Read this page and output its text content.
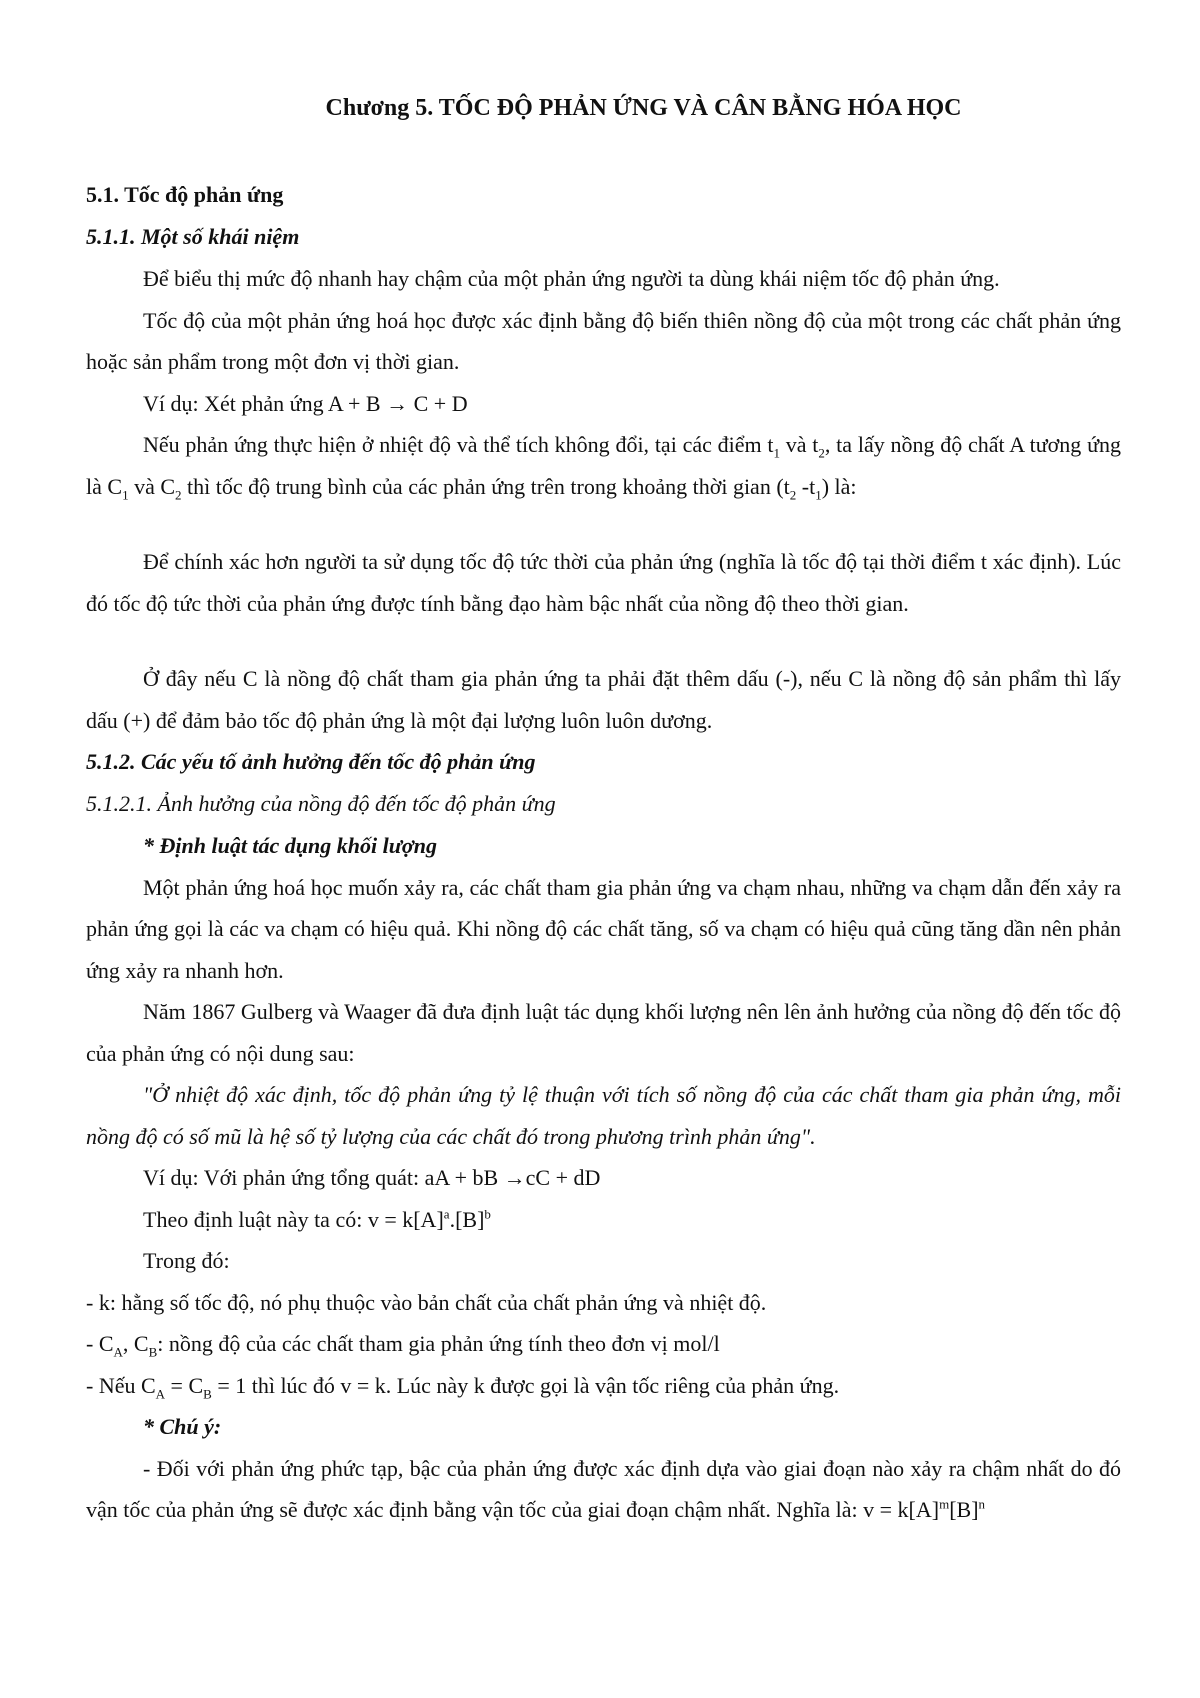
Chương 5. TỐC ĐỘ PHẢN ỨNG VÀ CÂN BẰNG HÓA HỌC

5.1. Tốc độ phản ứng

5.1.1. Một số khái niệm

Để biểu thị mức độ nhanh hay chậm của một phản ứng người ta dùng khái niệm tốc độ phản ứng.

Tốc độ của một phản ứng hoá học được xác định bằng độ biến thiên nồng độ của một trong các chất phản ứng hoặc sản phẩm trong một đơn vị thời gian.

Ví dụ: Xét phản ứng A + B → C + D

Nếu phản ứng thực hiện ở nhiệt độ và thể tích không đổi, tại các điểm $t_1$ và $t_2$, ta lấy nồng độ chất A tương ứng là $C_1$ và $C_2$ thì tốc độ trung bình của các phản ứng trên trong khoảng thời gian ($t_2$ $-t_1$) là:

Để chính xác hơn người ta sử dụng tốc độ tức thời của phản ứng (nghĩa là tốc độ tại thời điểm t xác định). Lúc đó tốc độ tức thời của phản ứng được tính bằng đạo hàm bậc nhất của nồng độ theo thời gian.

Ở đây nếu C là nồng độ chất tham gia phản ứng ta phải đặt thêm dấu (-), nếu C là nồng độ sản phẩm thì lấy dấu (+) để đảm bảo tốc độ phản ứng là một đại lượng luôn luôn dương.

5.1.2. Các yếu tố ảnh hưởng đến tốc độ phản ứng

5.1.2.1. Ảnh hưởng của nồng độ đến tốc độ phản ứng

* Định luật tác dụng khối lượng

Một phản ứng hoá học muốn xảy ra, các chất tham gia phản ứng va chạm nhau, những va chạm dẫn đến xảy ra phản ứng gọi là các va chạm có hiệu quả. Khi nồng độ các chất tăng, số va chạm có hiệu quả cũng tăng dần nên phản ứng xảy ra nhanh hơn.

Năm 1867 Gulberg và Waager đã đưa định luật tác dụng khối lượng nên lên ảnh hưởng của nồng độ đến tốc độ của phản ứng có nội dung sau:

"Ở nhiệt độ xác định, tốc độ phản ứng tỷ lệ thuận với tích số nồng độ của các chất tham gia phản ứng, mỗi nồng độ có số mũ là hệ số tỷ lượng của các chất đó trong phương trình phản ứng".

Ví dụ: Với phản ứng tổng quát: aA + bB →cC + dD

Theo định luật này ta có: $v = k[A]^a.[B]^b$

Trong đó:

- k: hằng số tốc độ, nó phụ thuộc vào bản chất của chất phản ứng và nhiệt độ.

- $C_A$, $C_B$: nồng độ của các chất tham gia phản ứng tính theo đơn vị mol/l

- Nếu $C_A = C_B = 1$ thì lúc đó v = k. Lúc này k được gọi là vận tốc riêng của phản ứng.

* Chú ý:

- Đối với phản ứng phức tạp, bậc của phản ứng được xác định dựa vào giai đoạn nào xảy ra chậm nhất do đó vận tốc của phản ứng sẽ được xác định bằng vận tốc của giai đoạn chậm nhất. Nghĩa là: $v = k[A]^m[B]^n$
